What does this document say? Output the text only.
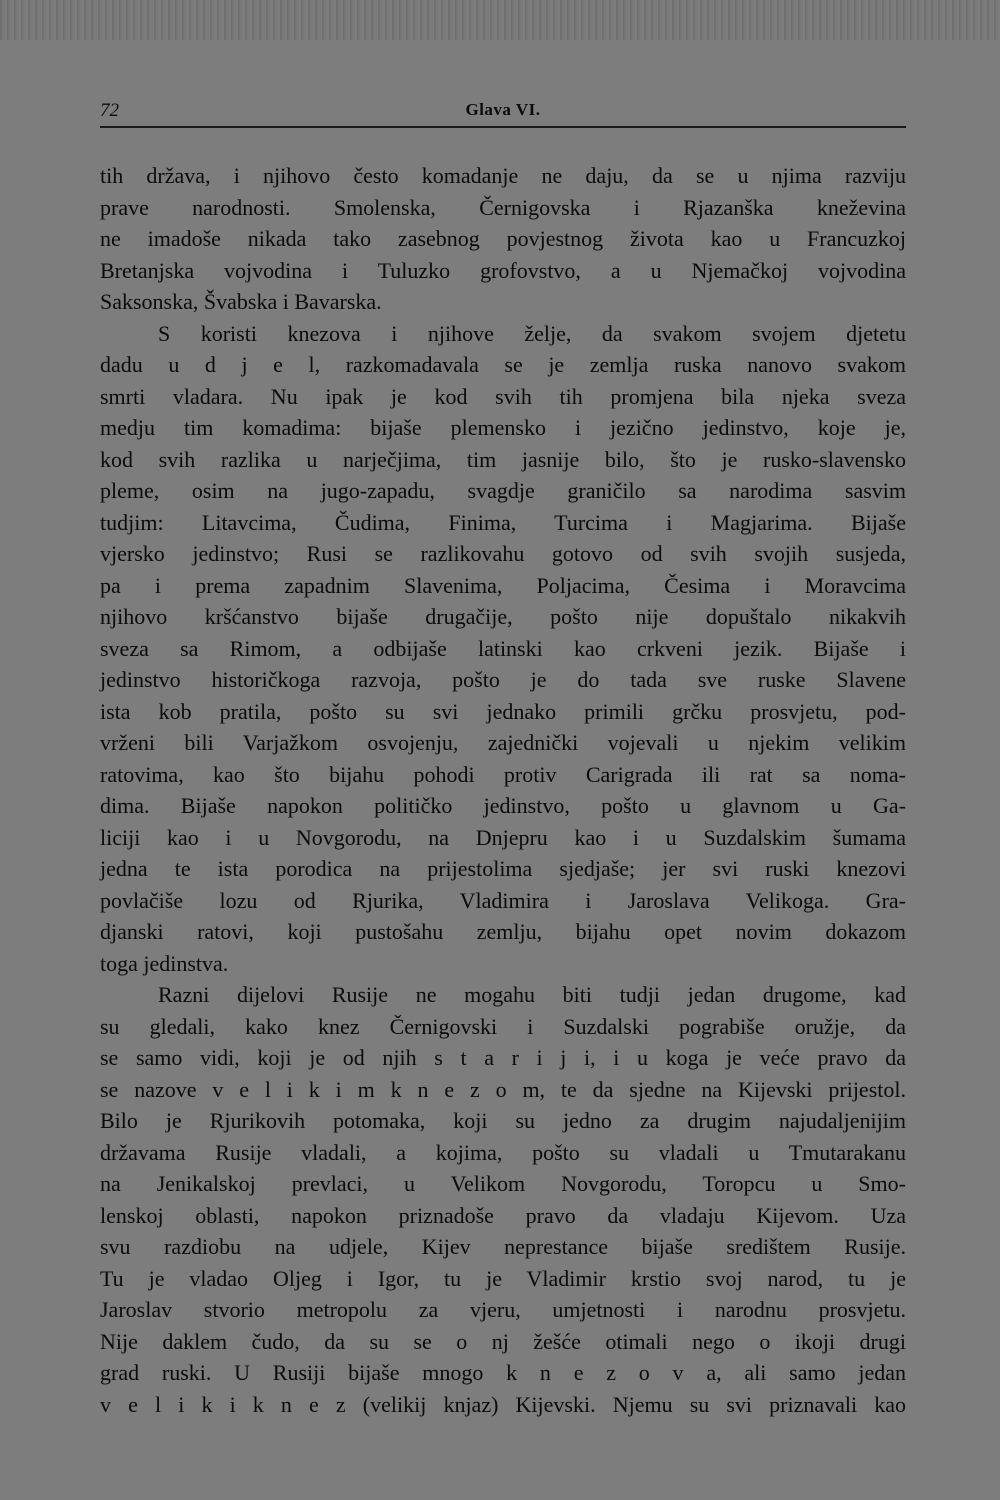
72	Glava VI.
tih država, i njihovo često komadanje ne daju, da se u njima razviju
prave narodnosti. Smolenska, Černigovska i Rjazanška kneževina
ne imadoše nikada tako zasebnog povjestnog života kao u Francuzkoj
Bretanjska vojvodina i Tuluzko grofovstvo, a u Njemačkoj vojvodina
Saksonska, Švabska i Bavarska.
S koristi knezova i njihove želje, da svakom svojem djetetu
dadu u d j e l, razkomadavala se je zemlja ruska nanovo svakom
smrti vladara. Nu ipak je kod svih tih promjena bila njeka sveza
medju tim komadima: bijaše plemensko i jezično jedinstvo, koje je,
kod svih razlika u narječjima, tim jasnije bilo, što je rusko-slavensko
pleme, osim na jugo-zapadu, svagdje graničilo sa narodima sasvim
tudjim: Litavcima, Čudima, Finima, Turcima i Magjarima. Bijaše
vjersko jedinstvo; Rusi se razlikovahu gotovo od svih svojih susjeda,
pa i prema zapadnim Slavenima, Poljacima, Česima i Moravcima
njihovo kršćanstvo bijaše drugačije, pošto nije dopuštalo nikakvih
sveza sa Rimom, a odbijaše latinski kao crkveni jezik. Bijaše i
jedinstvo historičkoga razvoja, pošto je do tada sve ruske Slavene
ista kob pratila, pošto su svi jednako primili grčku prosvjetu, pod-
vrženi bili Varjažkom osvojenju, zajednički vojevali u njekim velikim
ratovima, kao što bijahu pohodi protiv Carigrada ili rat sa noma-
dima. Bijaše napokon političko jedinstvo, pošto u glavnom u Ga-
liciji kao i u Novgorodu, na Dnjepru kao i u Suzdalskim šumama
jedna te ista porodica na prijestolima sjedjaše; jer svi ruski knezovi
povlačiše lozu od Rjurika, Vladimira i Jaroslava Velikoga. Gra-
djanski ratovi, koji pustošahu zemlju, bijahu opet novim dokazom
toga jedinstva.
Razni dijelovi Rusije ne mogahu biti tudji jedan drugome, kad
su gledali, kako knez Černigovski i Suzdalski pograbiše oružje, da
se samo vidi, koji je od njih s t a r i j i, i u koga je veće pravo da
se nazove v e l i k i m k n e z o m, te da sjedne na Kijevski prijestol.
Bilo je Rjurikovih potomaka, koji su jedno za drugim najudaljenijim
državama Rusije vladali, a kojima, pošto su vladali u Tmutarakanu
na Jenikalskoj prevlaci, u Velikom Novgorodu, Toropcu u Smo-
lenskoj oblasti, napokon priznadoše pravo da vladaju Kijevom. Uza
svu razdiobu na udjele, Kijev neprestance bijaše središtem Rusije.
Tu je vladao Oljeg i Igor, tu je Vladimir krstio svoj narod, tu je
Jaroslav stvorio metropolu za vjeru, umjetnosti i narodnu prosvjetu.
Nije daklem čudo, da su se o nj žešće otimali nego o ikoji drugi
grad ruski. U Rusiji bijaše mnogo k n e z o v a, ali samo jedan
v e l i k i k n e z (velikij knjaz) Kijevski. Njemu su svi priznavali kao
